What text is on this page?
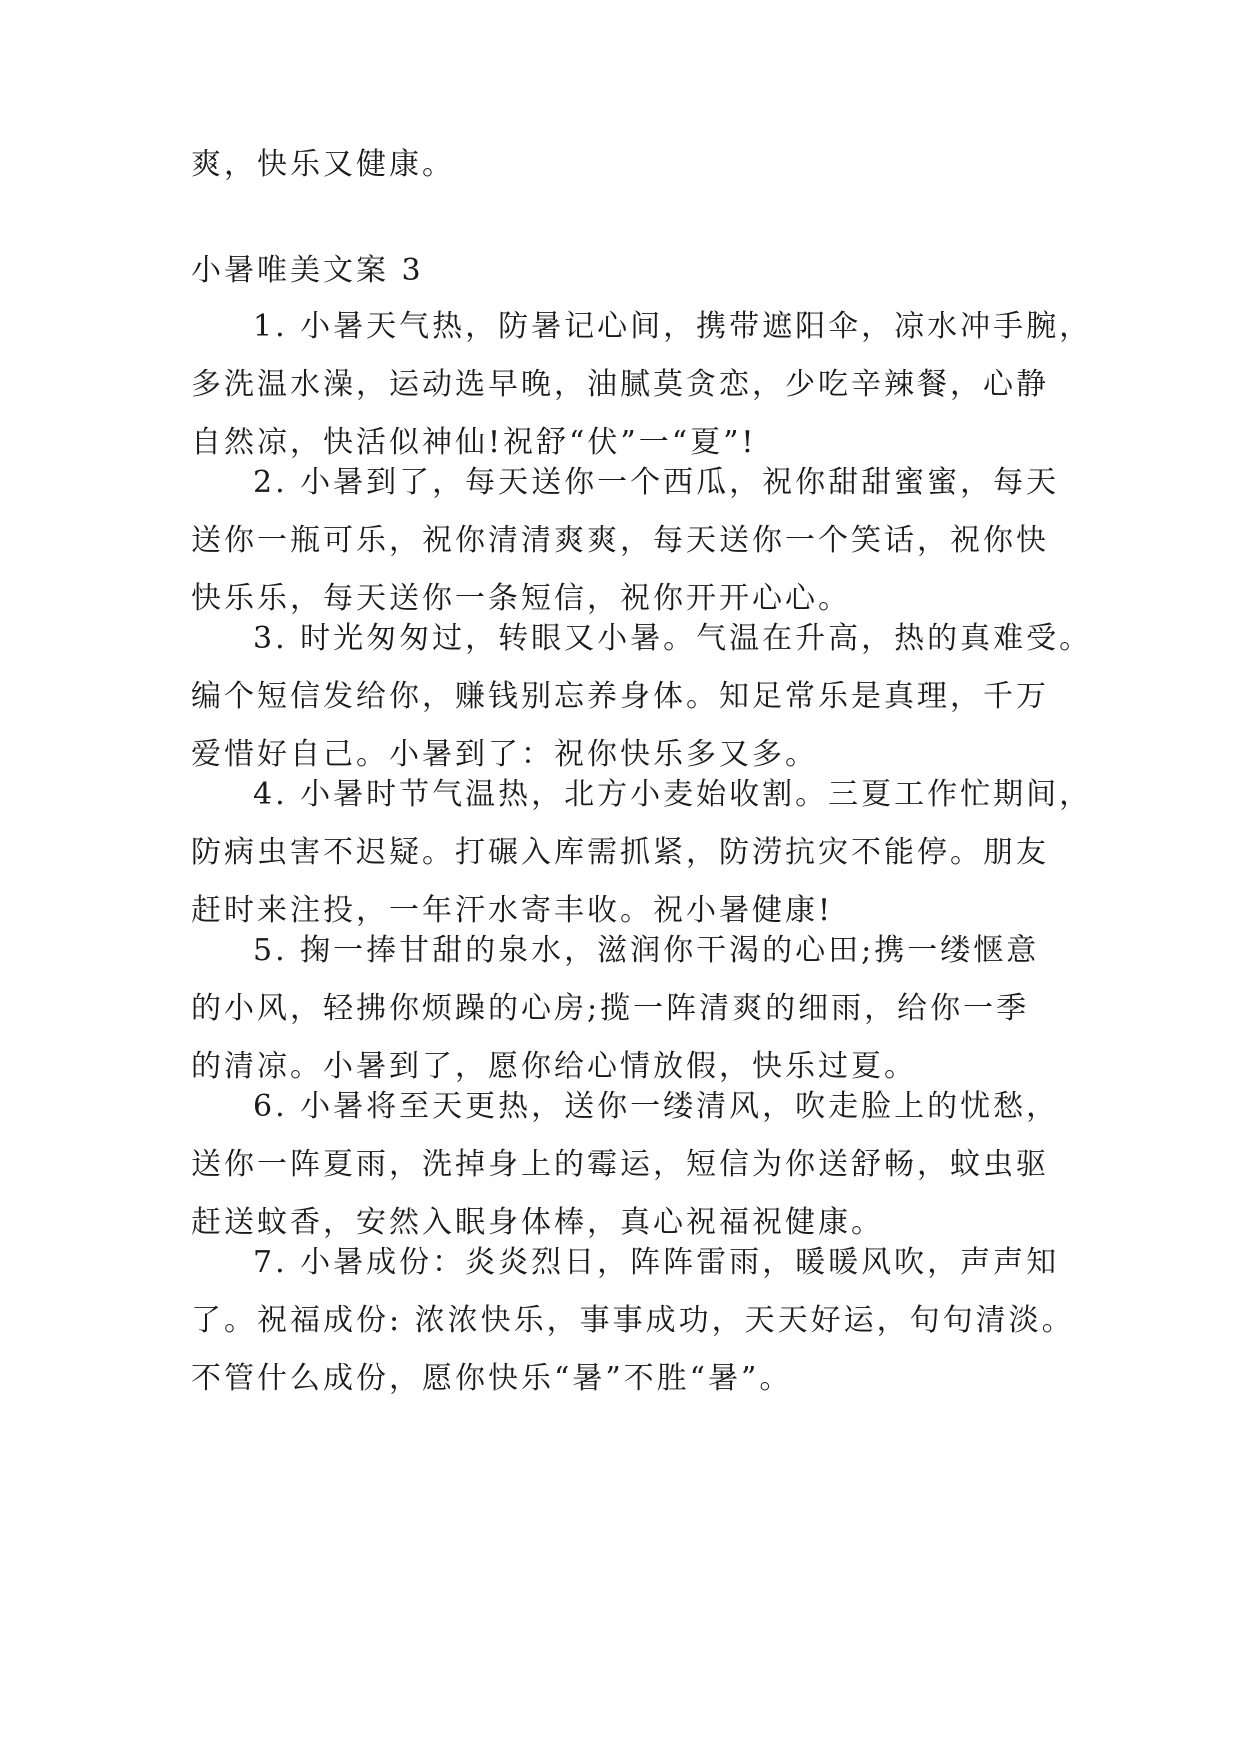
爽，快乐又健康。
小暑唯美文案 3
1. 小暑天气热，防暑记心间，携带遮阳伞，凉水冲手腕，
多洗温水澡，运动选早晚，油腻莫贪恋，少吃辛辣餐，心静
自然凉，快活似神仙!祝舒“伏”一“夏”!
2. 小暑到了，每天送你一个西瓜，祝你甜甜蜜蜜，每天
送你一瓶可乐，祝你清清爽爽，每天送你一个笑话，祝你快
快乐乐，每天送你一条短信，祝你开开心心。
3. 时光匆匆过，转眼又小暑。气温在升高，热的真难受。
编个短信发给你，赚钱别忘养身体。知足常乐是真理，千万
爱惜好自己。小暑到了：祝你快乐多又多。
4. 小暑时节气温热，北方小麦始收割。三夏工作忙期间，
防病虫害不迟疑。打碾入库需抓紧，防涝抗灾不能停。朋友
赶时来注投，一年汗水寄丰收。祝小暑健康!
5. 掬一捧甘甜的泉水，滋润你干渴的心田;携一缕惬意
的小风，轻拂你烦躁的心房;揽一阵清爽的细雨，给你一季
的清凉。小暑到了，愿你给心情放假，快乐过夏。
6. 小暑将至天更热，送你一缕清风，吹走脸上的忧愁，
送你一阵夏雨，洗掉身上的霉运，短信为你送舒畅，蚊虫驱
赶送蚊香，安然入眠身体棒，真心祝福祝健康。
7. 小暑成份：炎炎烈日，阵阵雷雨，暖暖风吹，声声知
了。祝福成份: 浓浓快乐，事事成功，天天好运，句句清淡。
不管什么成份，愿你快乐“暑”不胜“暑”。
